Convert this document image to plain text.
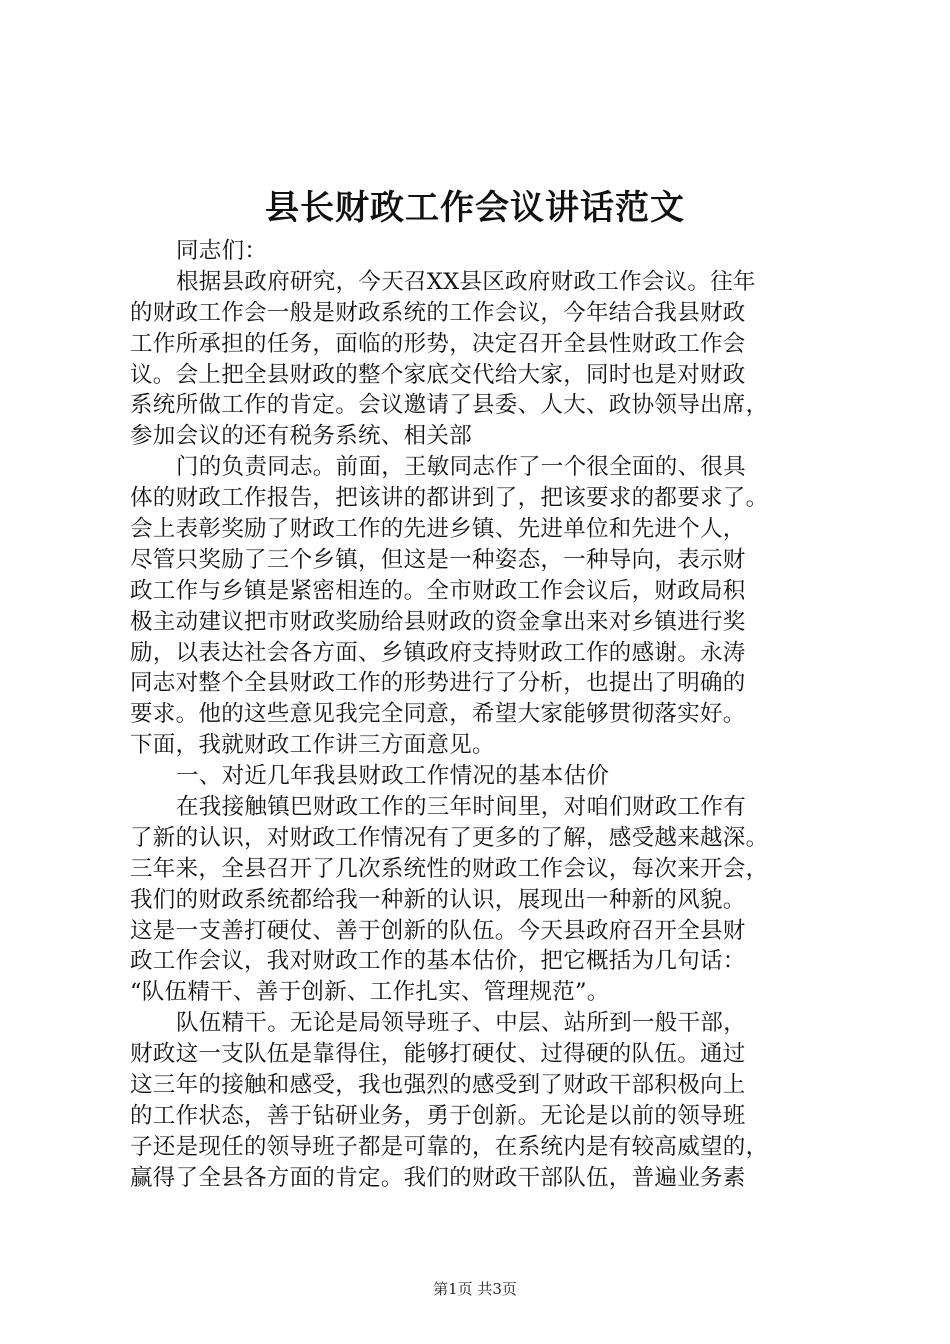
县长财政工作会议讲话范文
同志们：
根据县政府研究，今天召XX县区政府财政工作会议。往年
的财政工作会一般是财政系统的工作会议，今年结合我县财政
工作所承担的任务，面临的形势，决定召开全县性财政工作会
议。会上把全县财政的整个家底交代给大家，同时也是对财政
系统所做工作的肯定。会议邀请了县委、人大、政协领导出席，
参加会议的还有税务系统、相关部
门的负责同志。前面，王敏同志作了一个很全面的、很具
体的财政工作报告，把该讲的都讲到了，把该要求的都要求了。
会上表彰奖励了财政工作的先进乡镇、先进单位和先进个人，
尽管只奖励了三个乡镇，但这是一种姿态，一种导向，表示财
政工作与乡镇是紧密相连的。全市财政工作会议后，财政局积
极主动建议把市财政奖励给县财政的资金拿出来对乡镇进行奖
励，以表达社会各方面、乡镇政府支持财政工作的感谢。永涛
同志对整个全县财政工作的形势进行了分析，也提出了明确的
要求。他的这些意见我完全同意，希望大家能够贯彻落实好。
下面，我就财政工作讲三方面意见。
一、对近几年我县财政工作情况的基本估价
在我接触镇巴财政工作的三年时间里，对咱们财政工作有
了新的认识，对财政工作情况有了更多的了解，感受越来越深。
三年来，全县召开了几次系统性的财政工作会议，每次来开会，
我们的财政系统都给我一种新的认识，展现出一种新的风貌。
这是一支善打硬仗、善于创新的队伍。今天县政府召开全县财
政工作会议，我对财政工作的基本估价，把它概括为几句话：
“队伍精干、善于创新、工作扎实、管理规范”。
队伍精干。无论是局领导班子、中层、站所到一般干部，
财政这一支队伍是靠得住，能够打硬仗、过得硬的队伍。通过
这三年的接触和感受，我也强烈的感受到了财政干部积极向上
的工作状态，善于钻研业务，勇于创新。无论是以前的领导班
子还是现任的领导班子都是可靠的，在系统内是有较高威望的，
赢得了全县各方面的肯定。我们的财政干部队伍，普遍业务素
第1页 共3页
